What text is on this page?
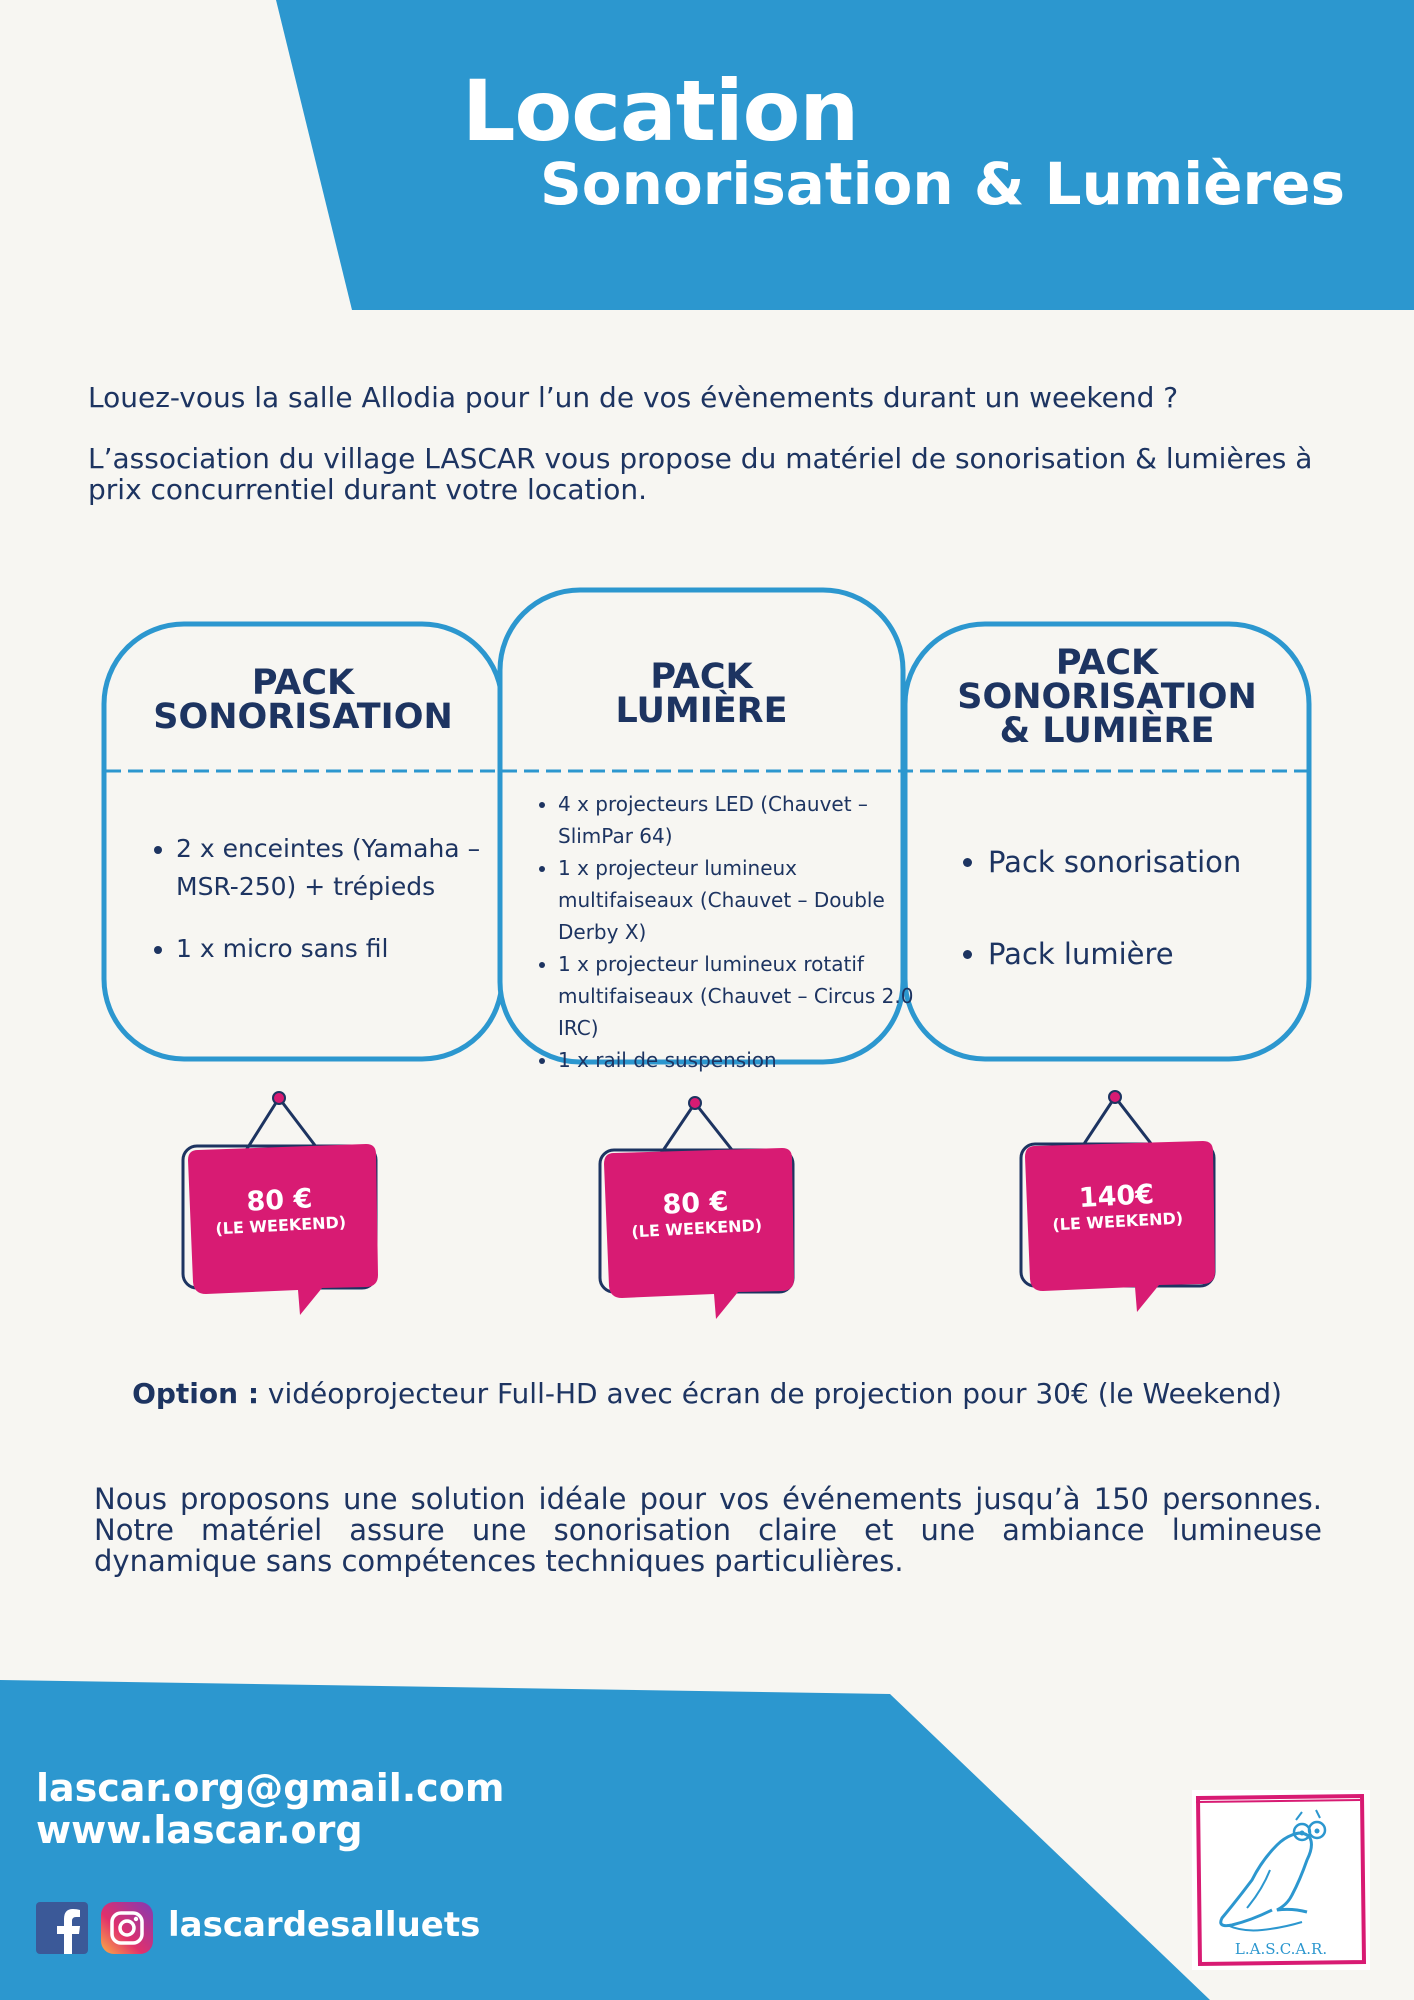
Location
Sonorisation & Lumières
Louez-vous la salle Allodia pour l’un de vos évènements durant un weekend ?
L’association du village LASCAR vous propose du matériel de sonorisation & lumières à prix concurrentiel durant votre location.
PACK
SONORISATION
• 2 x enceintes (Yamaha – MSR-250) + trépieds
• 1 x micro sans fil
PACK
LUMIÈRE
• 4 x projecteurs LED (Chauvet – SlimPar 64)
• 1 x projecteur lumineux multifaiseaux (Chauvet – Double Derby X)
• 1 x projecteur lumineux rotatif multifaiseaux (Chauvet – Circus 2.0 IRC)
• 1 x rail de suspension
PACK
SONORISATION
& LUMIÈRE
• Pack sonorisation
• Pack lumière
80 €
(LE WEEKEND)
80 €
(LE WEEKEND)
140€
(LE WEEKEND)
Option : vidéoprojecteur Full-HD avec écran de projection pour 30€ (le Weekend)
Nous proposons une solution idéale pour vos événements jusqu’à 150 personnes. Notre matériel assure une sonorisation claire et une ambiance lumineuse dynamique sans compétences techniques particulières.
lascar.org@gmail.com
www.lascar.org
lascardesalluets
L.A.S.C.A.R.
